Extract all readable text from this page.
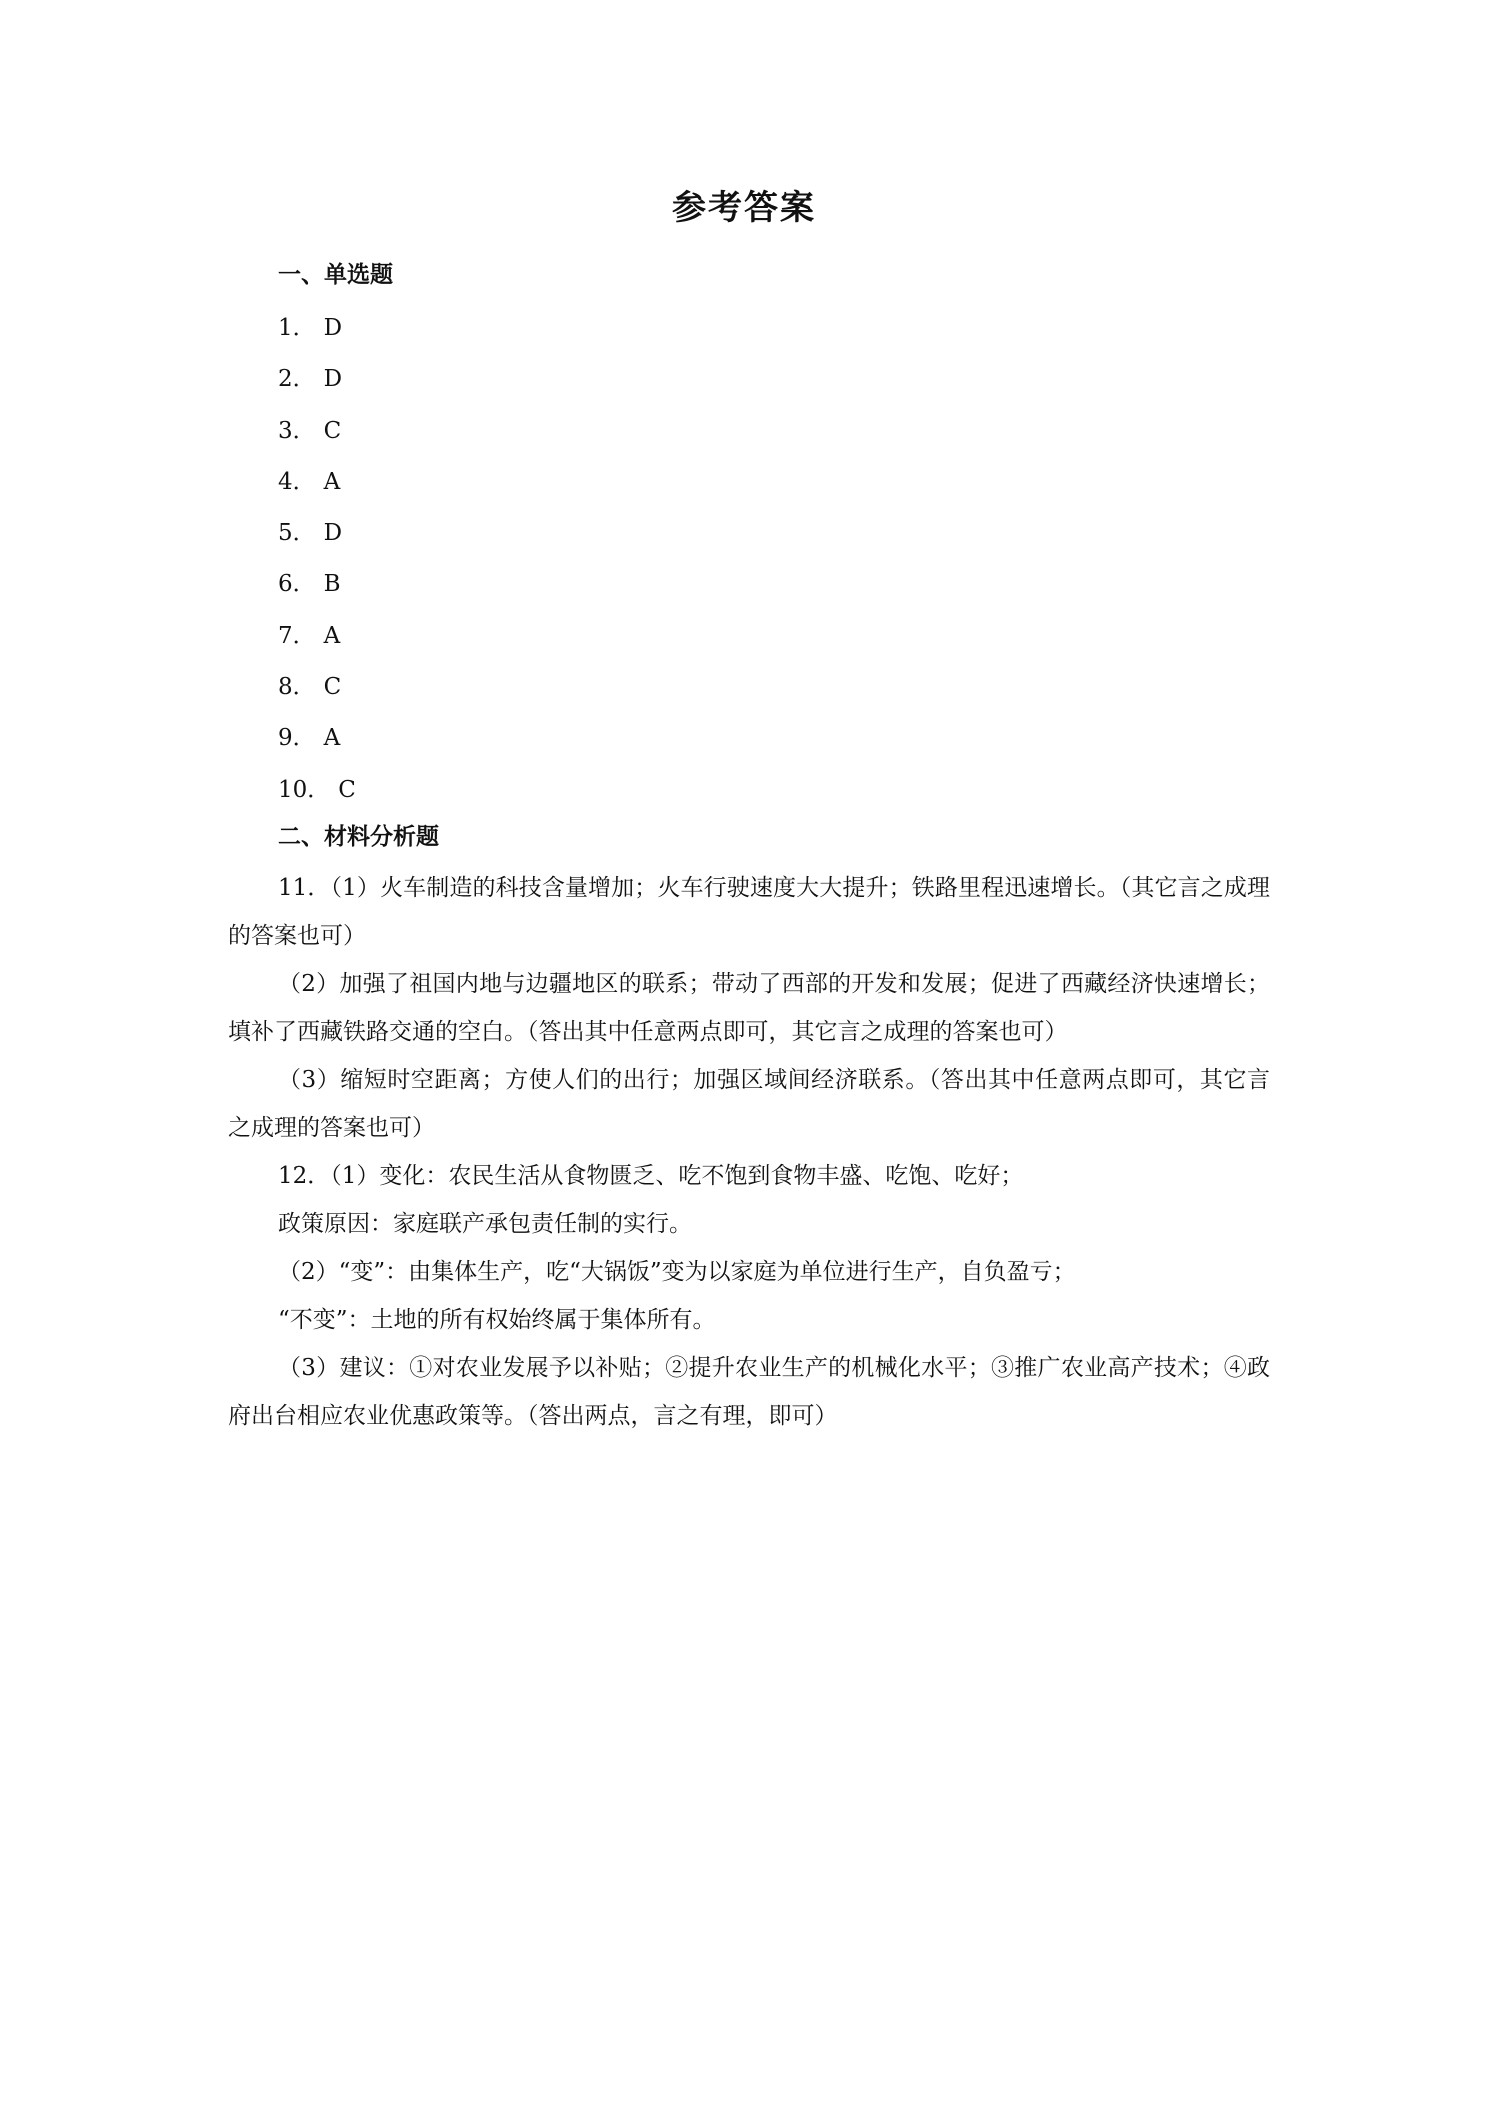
参考答案
一、单选题
1． D
2． D
3． C
4． A
5． D
6． B
7． A
8． C
9． A
10． C
二、材料分析题

11．（1）火车制造的科技含量增加；火车行驶速度大大提升；铁路里程迅速增长。（其它言之成理的答案也可）

（2）加强了祖国内地与边疆地区的联系；带动了西部的开发和发展；促进了西藏经济快速增长；填补了西藏铁路交通的空白。（答出其中任意两点即可，其它言之成理的答案也可）

（3）缩短时空距离；方使人们的出行；加强区域间经济联系。（答出其中任意两点即可，其它言之成理的答案也可）

12．（1）变化：农民生活从食物匮乏、吃不饱到食物丰盛、吃饱、吃好；

政策原因：家庭联产承包责任制的实行。

（2）“变”：由集体生产，吃“大锅饭”变为以家庭为单位进行生产，自负盈亏；

“不变”：土地的所有权始终属于集体所有。

（3）建议：①对农业发展予以补贴；②提升农业生产的机械化水平；③推广农业高产技术；④政府出台相应农业优惠政策等。（答出两点，言之有理，即可）
